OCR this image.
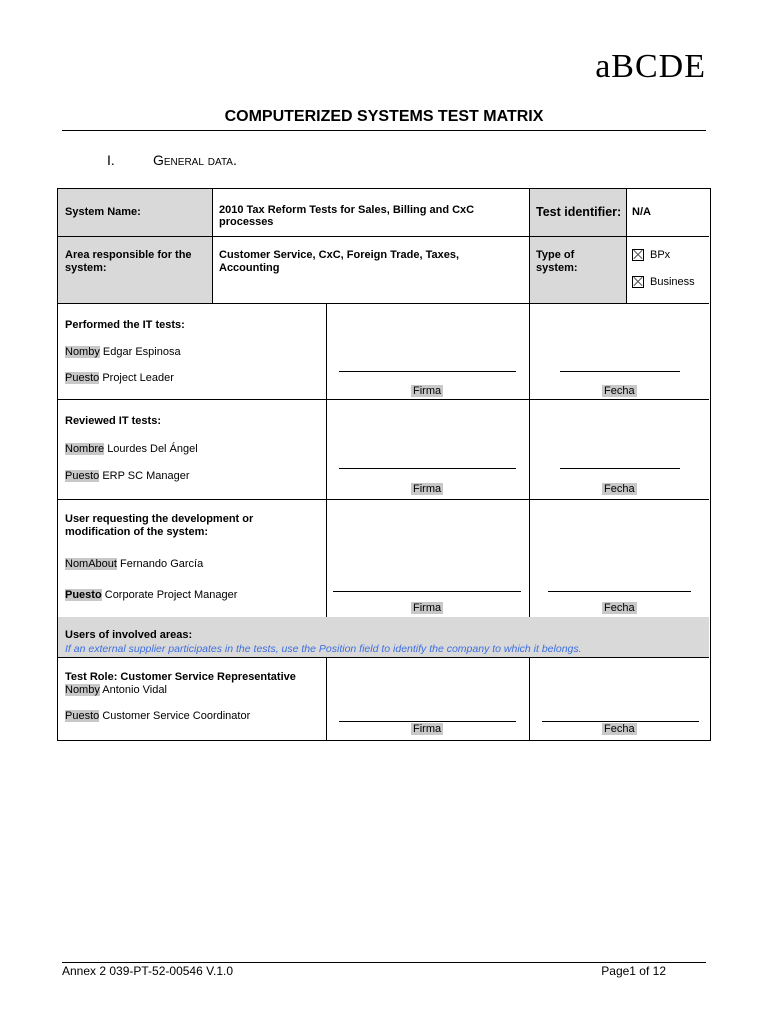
aBCDE
COMPUTERIZED SYSTEMS TEST MATRIX
I.	General data.
System Name:	2010 Tax Reform Tests for Sales, Billing and CxC processes
Test identifier: N/A
Area responsible for the system:
Customer Service, CxC, Foreign Trade, Taxes, Accounting
Type of system:
BPx
Business
Performed the IT tests:
Nomby Edgar Espinosa
Puesto Project Leader
Firma	Fecha
Reviewed IT tests:
Nombre Lourdes Del Ángel
Puesto ERP SC Manager
Firma	Fecha
User requesting the development or modification of the system:
NomAbout Fernando García
Puesto Corporate Project Manager
Firma	Fecha
Users of involved areas:
If an external supplier participates in the tests, use the Position field to identify the company to which it belongs.
Test Role: Customer Service Representative
Nomby Antonio Vidal
Puesto Customer Service Coordinator
Firma	Fecha
Annex 2 039-PT-52-00546 V.1.0	Page1 of 12
